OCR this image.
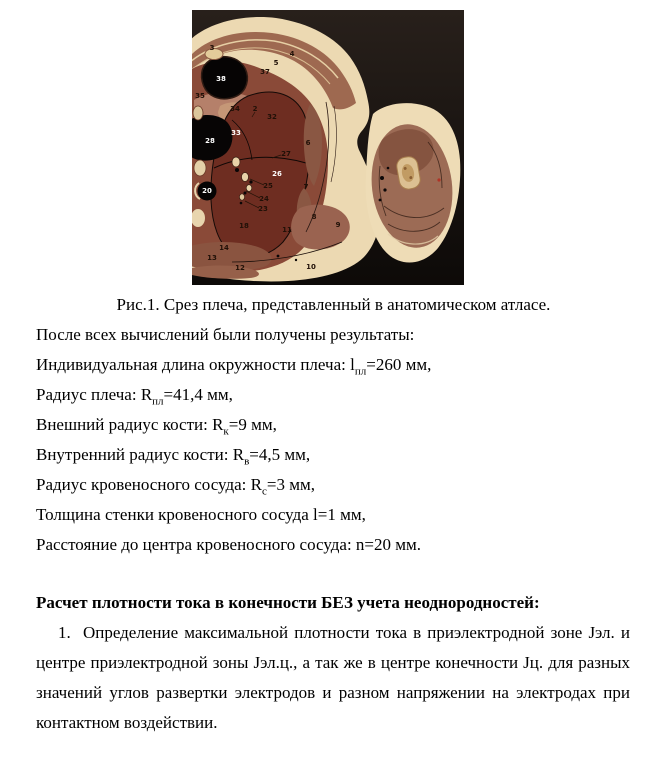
3
4
5
37
38
35
34 2
32
33
28	6
27
26
25
20	7
24
23
8
9
18	11
14
13
12	10
Рис.1. Срез плеча, представленный в анатомическом атласе.

После всех вычислений были получены результаты:

Индивидуальная длина окружности плеча: $l_{пл}=260$ мм,

Радиус плеча: $R_{пл}=41,4$ мм,

Внешний радиус кости: $R_к=9$ мм,

Внутренний радиус кости: $R_в=4,5$ мм,

Радиус кровеносного сосуда: $R_с=3$ мм,

Толщина стенки кровеносного сосуда l=1 мм,

Расстояние до центра кровеносного сосуда: n=20 мм.

Расчет плотности тока в конечности БЕЗ учета неоднородностей:

1.  Определение максимальной плотности тока в приэлектродной зоне Jэл. и центре приэлектродной зоны Jэл.ц., а так же в центре конечности Jц. для разных значений углов развертки электродов и разном напряжении на электродах при контактном воздействии.
